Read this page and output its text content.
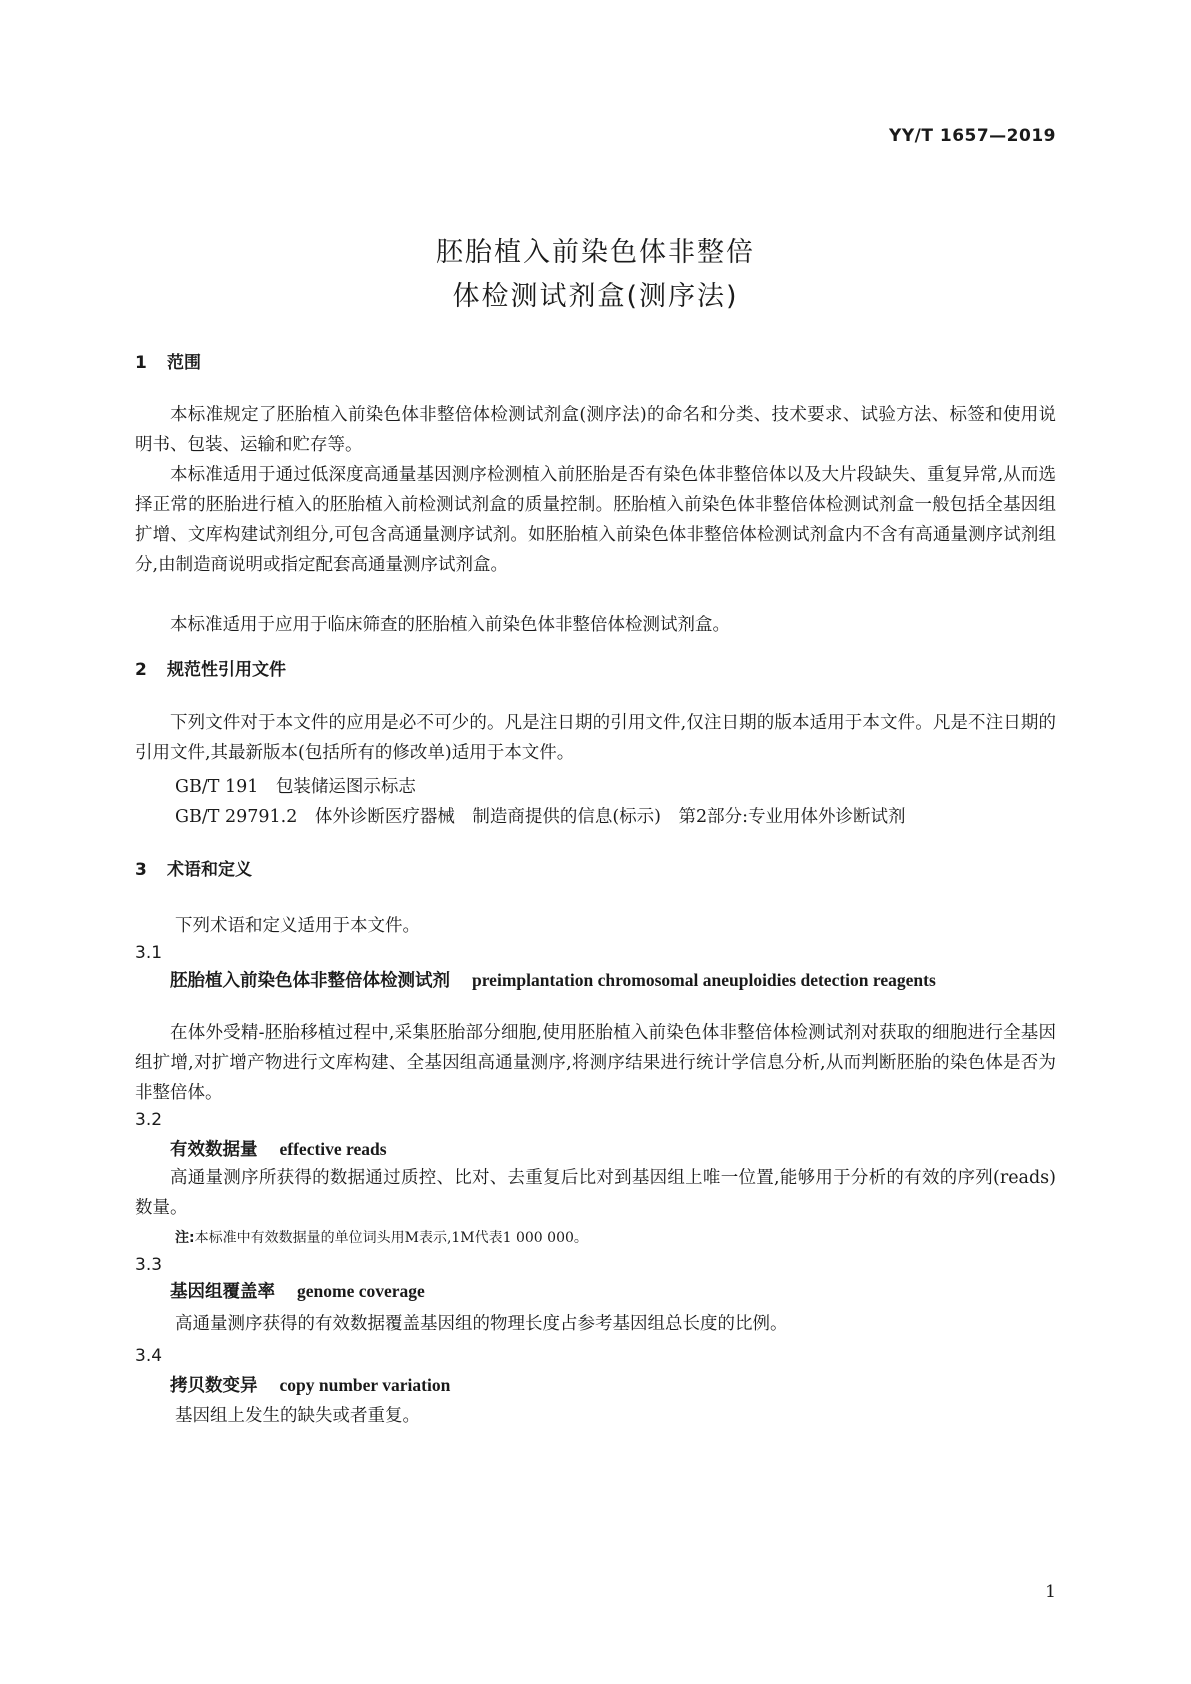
YY/T 1657—2019
胚胎植入前染色体非整倍
体检测试剂盒(测序法)
1 范围

本标准规定了胚胎植入前染色体非整倍体检测试剂盒(测序法)的命名和分类、技术要求、试验方法、标签和使用说明书、包装、运输和贮存等。

本标准适用于通过低深度高通量基因测序检测植入前胚胎是否有染色体非整倍体以及大片段缺失、重复异常,从而选择正常的胚胎进行植入的胚胎植入前检测试剂盒的质量控制。胚胎植入前染色体非整倍体检测试剂盒一般包括全基因组扩增、文库构建试剂组分,可包含高通量测序试剂。如胚胎植入前染色体非整倍体检测试剂盒内不含有高通量测序试剂组分,由制造商说明或指定配套高通量测序试剂盒。

本标准适用于应用于临床筛查的胚胎植入前染色体非整倍体检测试剂盒。

2 规范性引用文件

下列文件对于本文件的应用是必不可少的。凡是注日期的引用文件,仅注日期的版本适用于本文件。凡是不注日期的引用文件,其最新版本(包括所有的修改单)适用于本文件。

GB/T 191　包装储运图示标志
GB/T 29791.2　体外诊断医疗器械　制造商提供的信息(标示)　第2部分:专业用体外诊断试剂
3 术语和定义
下列术语和定义适用于本文件。
3.1
胚胎植入前染色体非整倍体检测试剂 preimplantation chromosomal aneuploidies detection reagents

在体外受精-胚胎移植过程中,采集胚胎部分细胞,使用胚胎植入前染色体非整倍体检测试剂对获取的细胞进行全基因组扩增,对扩增产物进行文库构建、全基因组高通量测序,将测序结果进行统计学信息分析,从而判断胚胎的染色体是否为非整倍体。

3.2
有效数据量 effective reads

高通量测序所获得的数据通过质控、比对、去重复后比对到基因组上唯一位置,能够用于分析的有效的序列(reads)数量。

注:本标准中有效数据量的单位词头用M表示,1M代表1 000 000。
3.3
基因组覆盖率 genome coverage
高通量测序获得的有效数据覆盖基因组的物理长度占参考基因组总长度的比例。
3.4
拷贝数变异 copy number variation
基因组上发生的缺失或者重复。
1
